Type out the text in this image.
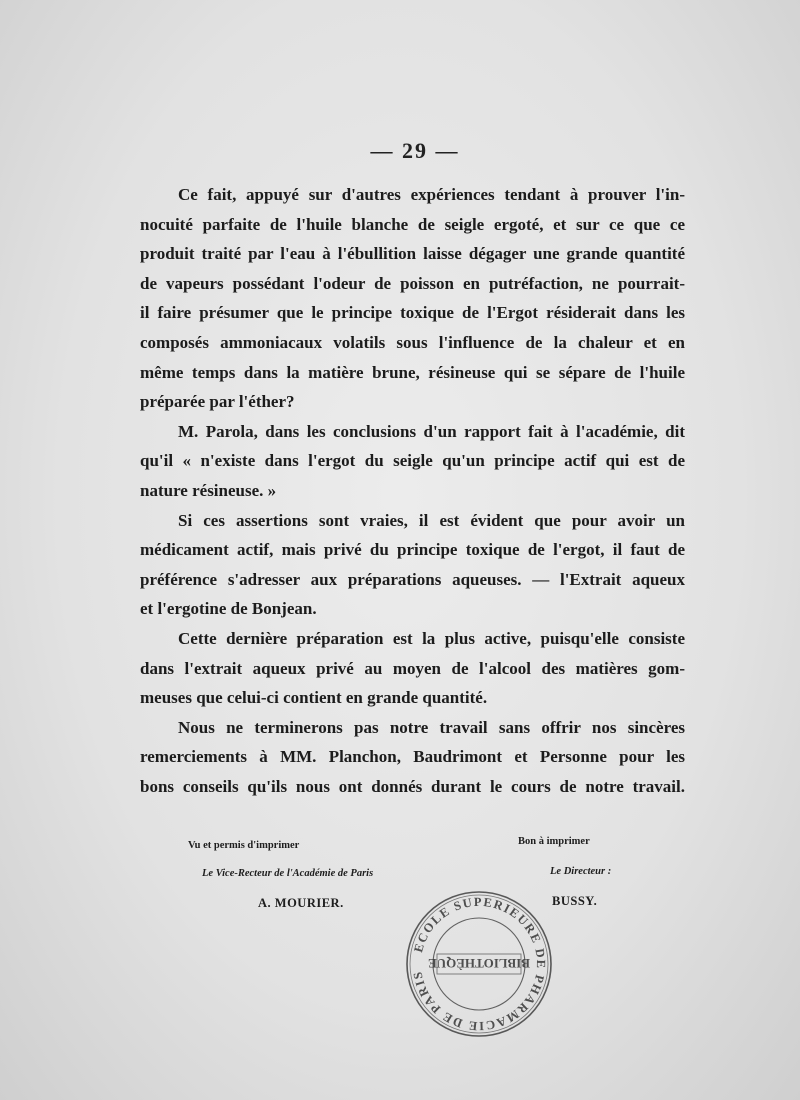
— 29 —
Ce fait, appuyé sur d'autres expériences tendant à prouver l'in-
nocuité parfaite de l'huile blanche de seigle ergoté, et sur ce que ce
produit traité par l'eau à l'ébullition laisse dégager une grande quantité
de vapeurs possédant l'odeur de poisson en putréfaction, ne pourrait-
il faire présumer que le principe toxique de l'Ergot résiderait dans les
composés ammoniacaux volatils sous l'influence de la chaleur et en
même temps dans la matière brune, résineuse qui se sépare de l'huile
préparée par l'éther?
M. Parola, dans les conclusions d'un rapport fait à l'académie, dit
qu'il « n'existe dans l'ergot du seigle qu'un principe actif qui est de
nature résineuse. »
Si ces assertions sont vraies, il est évident que pour avoir un
médicament actif, mais privé du principe toxique de l'ergot, il faut de
préférence s'adresser aux préparations aqueuses. — l'Extrait aqueux
et l'ergotine de Bonjean.
Cette dernière préparation est la plus active, puisqu'elle consiste
dans l'extrait aqueux privé au moyen de l'alcool des matières gom-
meuses que celui-ci contient en grande quantité.
Nous ne terminerons pas notre travail sans offrir nos sincères
remerciements à MM. Planchon, Baudrimont et Personne pour les
bons conseils qu'ils nous ont donnés durant le cours de notre travail.
Vu et permis d'imprimer
Le Vice-Recteur de l'Académie de Paris
A. MOURIER.
Bon à imprimer
Le Directeur :
BUSSY.
ECOLE SUPERIEURE DE PHARMACIE DE PARIS
BIBLIOTHÈQUE
